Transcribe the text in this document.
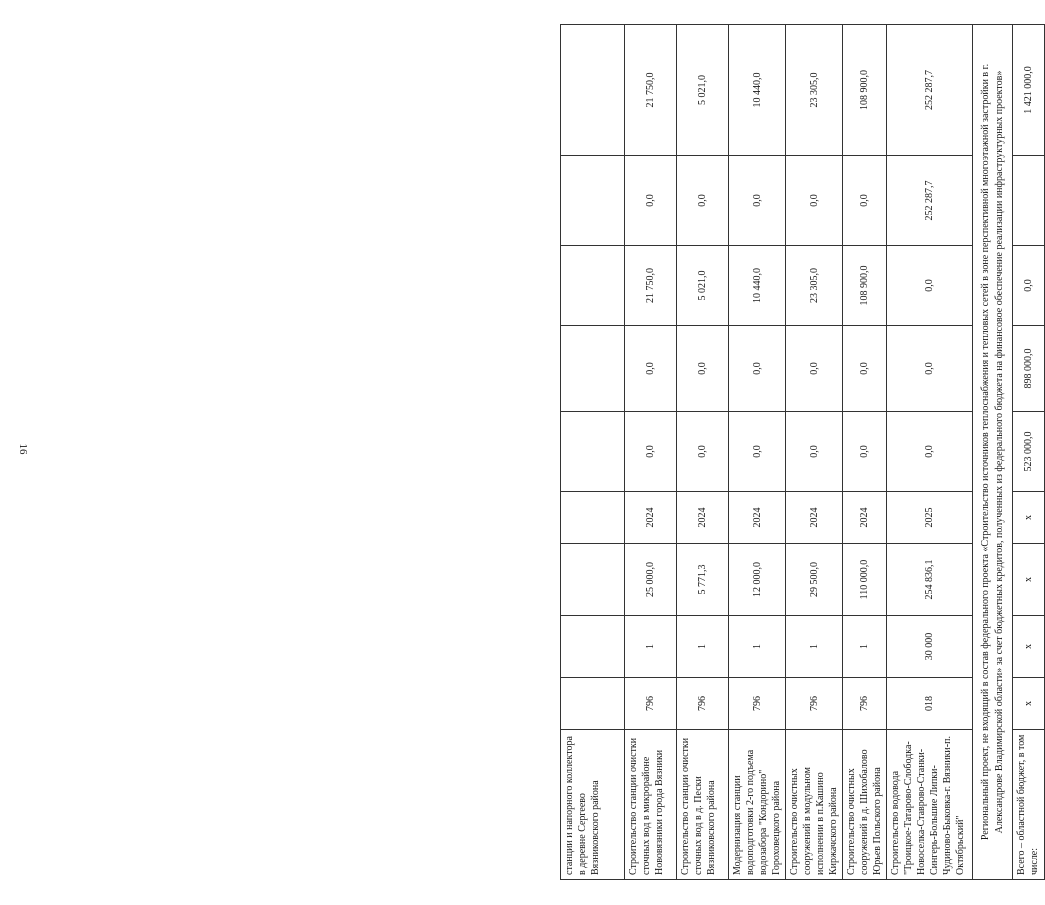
16
станции и напорного коллектора в деревне Сергеево Вязниковского района									
Строительство станции очистки сточных вод в микрорайоне Нововязники города Вязники	796	1	25 000,0	2024	0,0	0,0	21 750,0	0,0	21 750,0
Строительство станции очистки сточных вод в д. Пески Вязниковского района	796	1	5 771,3	2024	0,0	0,0	5 021,0	0,0	5 021,0
Модернизация станции водоподготовки 2-го подъема водозабора "Кондорино" Гороховецкого района	796	1	12 000,0	2024	0,0	0,0	10 440,0	0,0	10 440,0
Строительство очистных сооружений в модульном исполнении в п.Кашино Киржачского района	796	1	29 500,0	2024	0,0	0,0	23 305,0	0,0	23 305,0
Строительство очистных сооружений в д. Шихобалово Юрьев Польского района	796	1	110 000,0	2024	0,0	0,0	108 900,0	0,0	108 900,0
Строительство водовода "Троицкое-Татарово-Слободка-Новоселка-Ставрово-Станки-Сингерь-Большие Липки-Чудиново-Быковка-г. Вязники-п. Октябрьский"	018	30 000	254 836,1	2025	0,0	0,0	0,0	252 287,7	252 287,7
Региональный проект, не входящий в состав федерального проекта «Строительство источников теплоснабжения и тепловых сетей в зоне перспективной многоэтажной застройки в г. Александрове Владимирской области» за счет бюджетных кредитов, полученных из федерального бюджета на финансовое обеспечение реализации инфраструктурных проектов»									
Всего – областной бюджет, в том числе:	x	x	x	x	523 000,0	898 000,0	0,0		1 421 000,0
